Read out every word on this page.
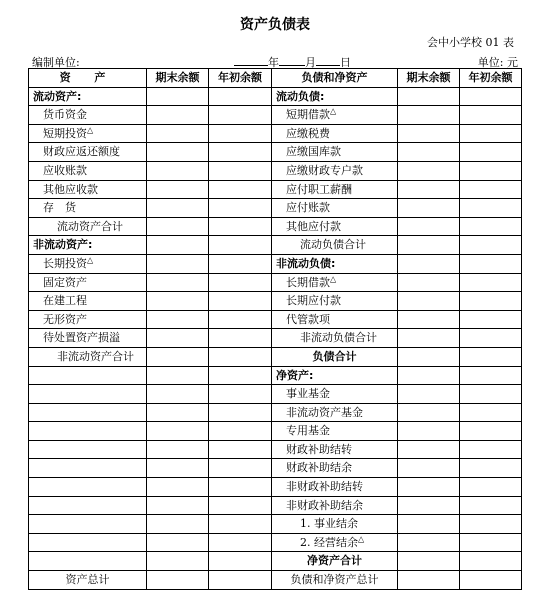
资产负债表
会中小学校 01 表
编制单位:	年 月 日	单位: 元
资 产	期末余额	年初余额	负债和净资产	期末余额	年初余额
流动资产:			流动负债:		
货币资金			短期借款△		
短期投资△			应缴税费		
财政应返还额度			应缴国库款		
应收账款			应缴财政专户款		
其他应收款			应付职工薪酬		
存　货			应付账款		
流动资产合计			其他应付款		
非流动资产:			流动负债合计		
长期投资△			非流动负债:		
固定资产			长期借款△		
在建工程			长期应付款		
无形资产			代管款项		
待处置资产损溢			非流动负债合计		
非流动资产合计			负债合计		
			净资产:		
			事业基金		
			非流动资产基金		
			专用基金		
			财政补助结转		
			财政补助结余		
			非财政补助结转		
			非财政补助结余		
			1. 事业结余		
			2. 经营结余△		
			净资产合计		
资产总计			负债和净资产总计		
